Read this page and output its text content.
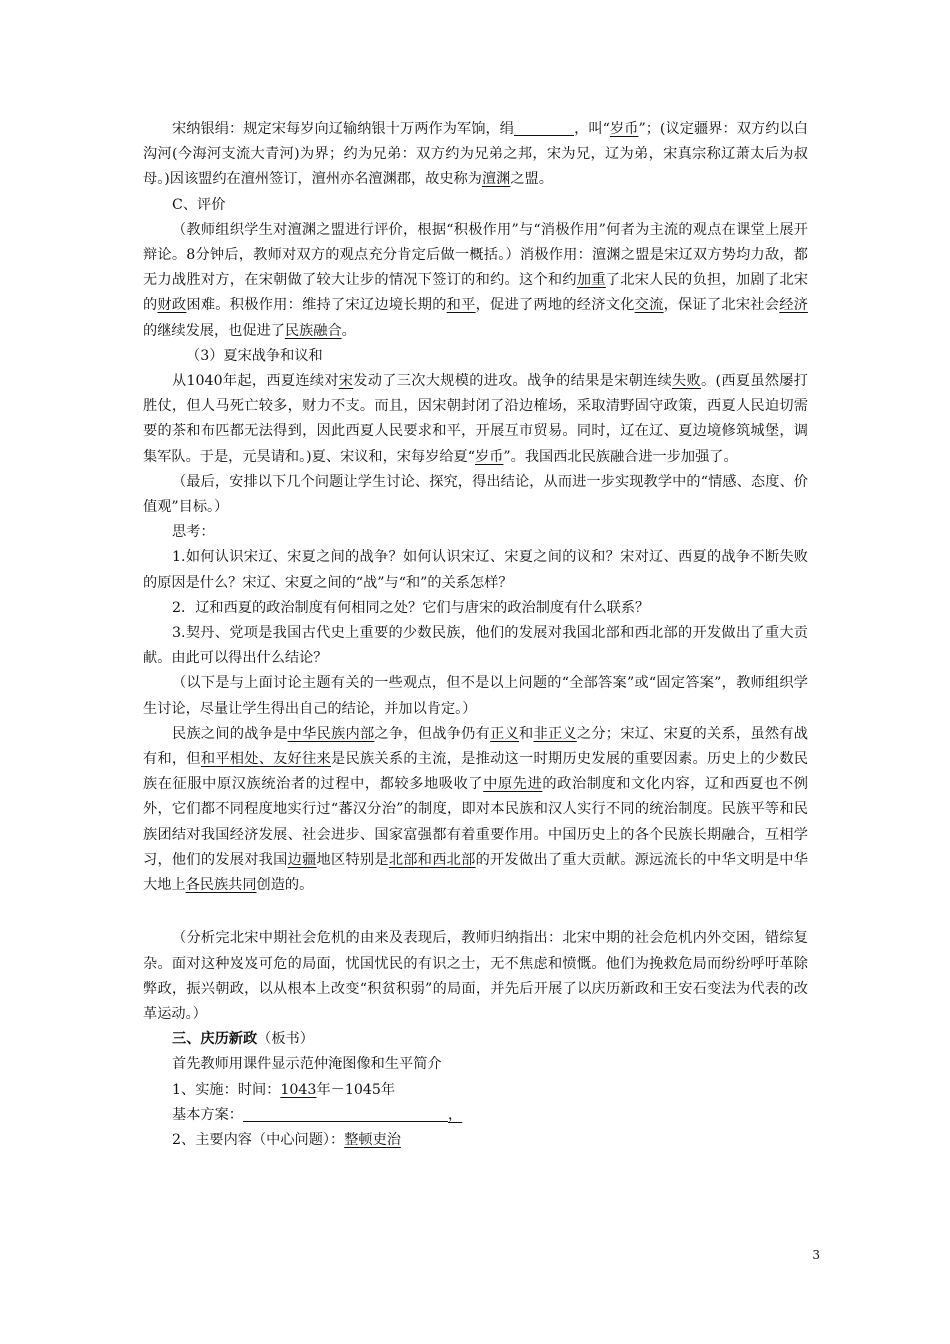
宋纳银绢：规定宋每岁向辽输纳银十万两作为军饷，绢	，叫“岁币”；(议定疆界：双方约以白沟河(今海河支流大青河)为界；约为兄弟：双方约为兄弟之邦，宋为兄，辽为弟，宋真宗称辽萧太后为叔母。)因该盟约在澶州签订，澶州亦名澶渊郡，故史称为澶渊之盟。

C、评价

（教师组织学生对澶渊之盟进行评价，根据“积极作用”与“消极作用”何者为主流的观点在课堂上展开辩论。8分钟后，教师对双方的观点充分肯定后做一概括。）消极作用：澶渊之盟是宋辽双方势均力敌，都无力战胜对方，在宋朝做了较大让步的情况下签订的和约。这个和约加重了北宋人民的负担，加剧了北宋的财政困难。积极作用：维持了宋辽边境长期的和平，促进了两地的经济文化交流，保证了北宋社会经济的继续发展，也促进了民族融合。

（3）夏宋战争和议和

从1040年起，西夏连续对宋发动了三次大规模的进攻。战争的结果是宋朝连续失败。(西夏虽然屡打胜仗，但人马死亡较多，财力不支。而且，因宋朝封闭了沿边榷场，采取清野固守政策，西夏人民迫切需要的茶和布匹都无法得到，因此西夏人民要求和平，开展互市贸易。同时，辽在辽、夏边境修筑城堡，调集军队。于是，元昊请和。)夏、宋议和，宋每岁给夏“岁币”。我国西北民族融合进一步加强了。

（最后，安排以下几个问题让学生讨论、探究，得出结论，从而进一步实现教学中的“情感、态度、价值观”目标。）

思考：

1.如何认识宋辽、宋夏之间的战争？如何认识宋辽、宋夏之间的议和？宋对辽、西夏的战争不断失败的原因是什么？宋辽、宋夏之间的“战”与“和”的关系怎样？

2．辽和西夏的政治制度有何相同之处？它们与唐宋的政治制度有什么联系？

3.契丹、党项是我国古代史上重要的少数民族，他们的发展对我国北部和西北部的开发做出了重大贡献。由此可以得出什么结论？

（以下是与上面讨论主题有关的一些观点，但不是以上问题的“全部答案”或“固定答案”，教师组织学生讨论，尽量让学生得出自己的结论，并加以肯定。）

民族之间的战争是中华民族内部之争，但战争仍有正义和非正义之分；宋辽、宋夏的关系，虽然有战有和，但和平相处、友好往来是民族关系的主流，是推动这一时期历史发展的重要因素。历史上的少数民族在征服中原汉族统治者的过程中，都较多地吸收了中原先进的政治制度和文化内容，辽和西夏也不例外，它们都不同程度地实行过“蕃汉分治”的制度，即对本民族和汉人实行不同的统治制度。民族平等和民族团结对我国经济发展、社会进步、国家富强都有着重要作用。中国历史上的各个民族长期融合，互相学习，他们的发展对我国边疆地区特别是北部和西北部的开发做出了重大贡献。源远流长的中华文明是中华大地上各民族共同创造的。

（分析完北宋中期社会危机的由来及表现后，教师归纳指出：北宋中期的社会危机内外交困，错综复杂。面对这种岌岌可危的局面，忧国忧民的有识之士，无不焦虑和愤慨。他们为挽救危局而纷纷呼吁革除弊政，振兴朝政，以从根本上改变“积贫积弱”的局面，并先后开展了以庆历新政和王安石变法为代表的改革运动。）

三、庆历新政（板书）

首先教师用课件显示范仲淹图像和生平简介

1、实施：时间：1043年－1045年

基本方案：	，

2、主要内容（中心问题）：整顿吏治

3
